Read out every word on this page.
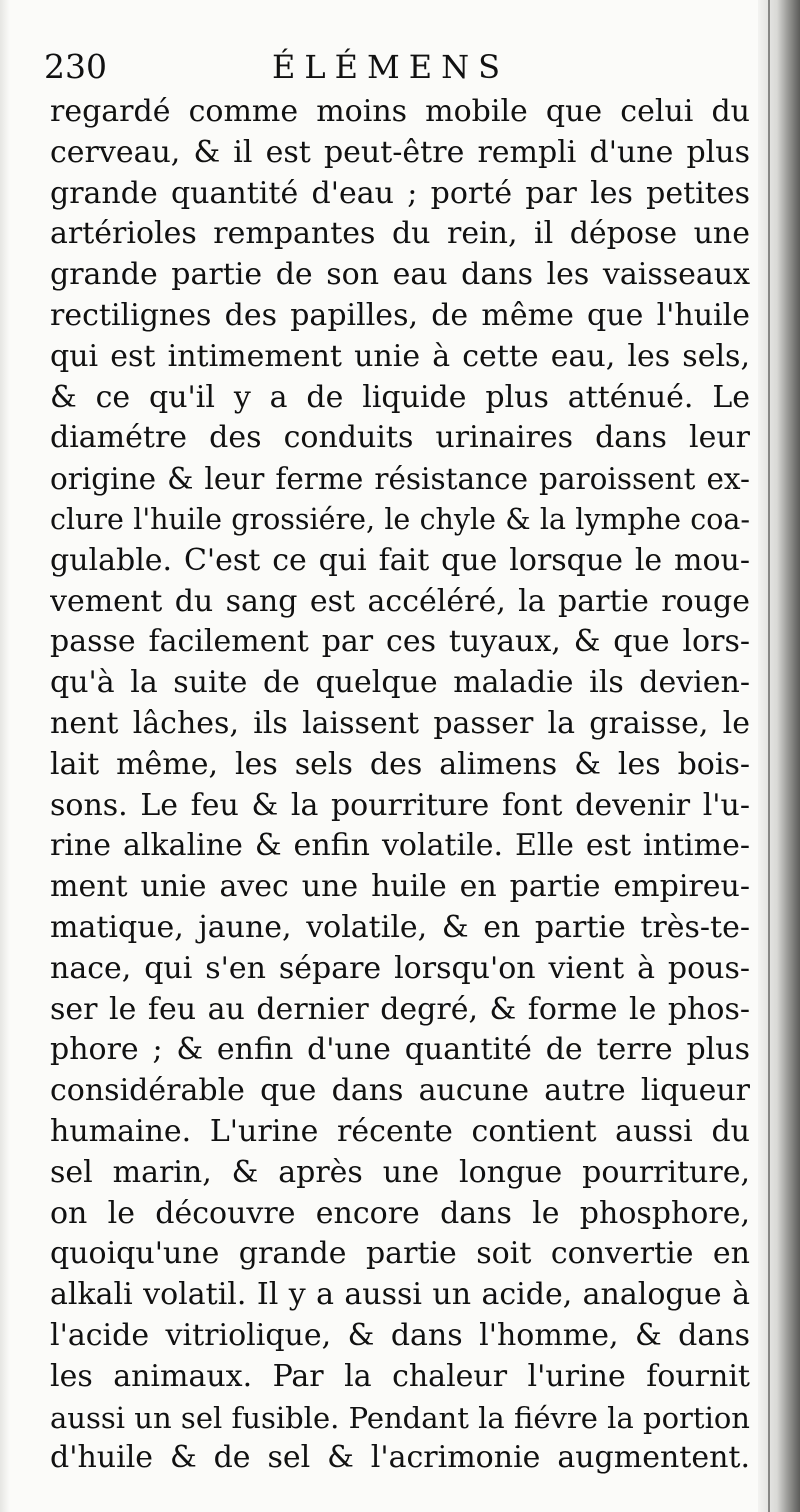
230	ÉLÉMENS
regardé comme moins mobile que celui du
cerveau, & il est peut-être rempli d'une plus
grande quantité d'eau ; porté par les petites
artérioles rempantes du rein, il dépose une
grande partie de son eau dans les vaisseaux
rectilignes des papilles, de même que l'huile
qui est intimement unie à cette eau, les sels,
& ce qu'il y a de liquide plus atténué. Le
diamétre des conduits urinaires dans leur
origine & leur ferme résistance paroissent ex-
clure l'huile grossiére, le chyle & la lymphe coa-
gulable. C'est ce qui fait que lorsque le mou-
vement du sang est accéléré, la partie rouge
passe facilement par ces tuyaux, & que lors-
qu'à la suite de quelque maladie ils devien-
nent lâches, ils laissent passer la graisse, le
lait même, les sels des alimens & les bois-
sons. Le feu & la pourriture font devenir l'u-
rine alkaline & enfin volatile. Elle est intime-
ment unie avec une huile en partie empireu-
matique, jaune, volatile, & en partie très-te-
nace, qui s'en sépare lorsqu'on vient à pous-
ser le feu au dernier degré, & forme le phos-
phore ; & enfin d'une quantité de terre plus
considérable que dans aucune autre liqueur
humaine. L'urine récente contient aussi du
sel marin, & après une longue pourriture,
on le découvre encore dans le phosphore,
quoiqu'une grande partie soit convertie en
alkali volatil. Il y a aussi un acide, analogue à
l'acide vitriolique, & dans l'homme, & dans
les animaux. Par la chaleur l'urine fournit
aussi un sel fusible. Pendant la fiévre la portion
d'huile & de sel & l'acrimonie augmentent.
